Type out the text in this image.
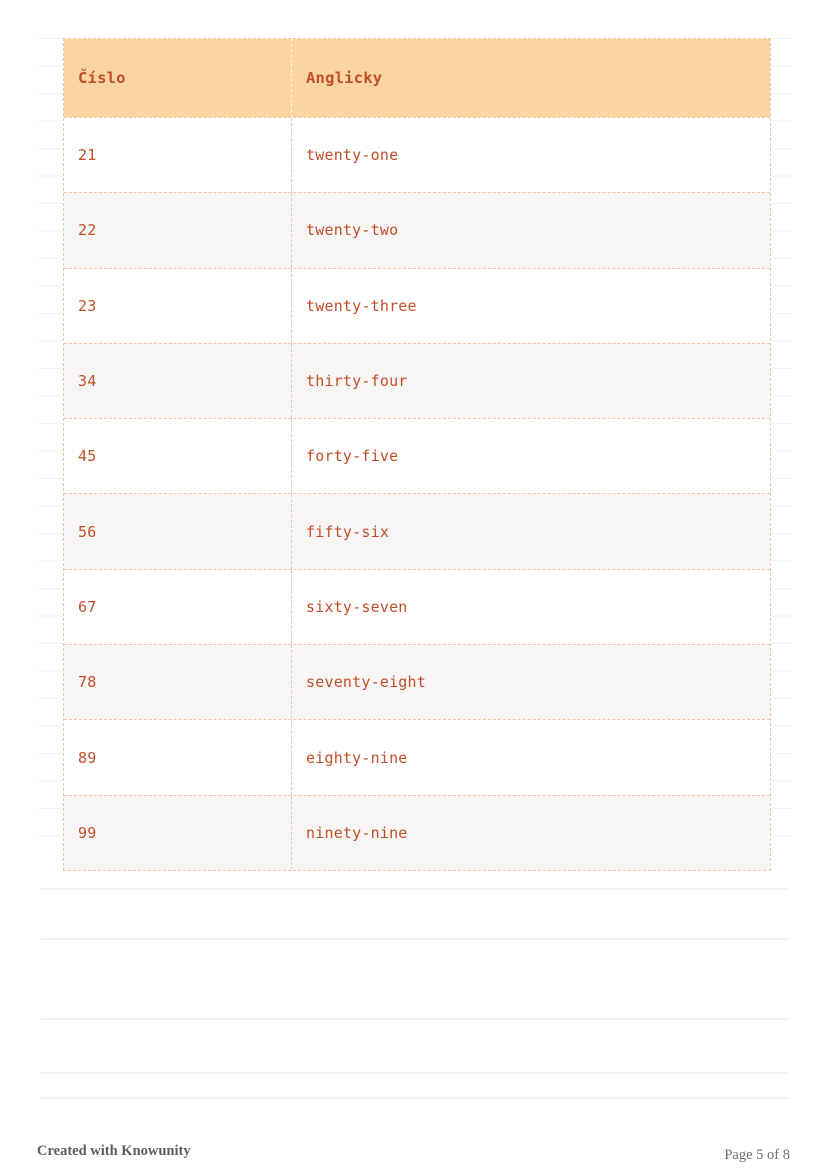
Číslo	Anglicky
21	twenty-one
22	twenty-two
23	twenty-three
34	thirty-four
45	forty-five
56	fifty-six
67	sixty-seven
78	seventy-eight
89	eighty-nine
99	ninety-nine
Created with Knowunity	Page 5 of 8
